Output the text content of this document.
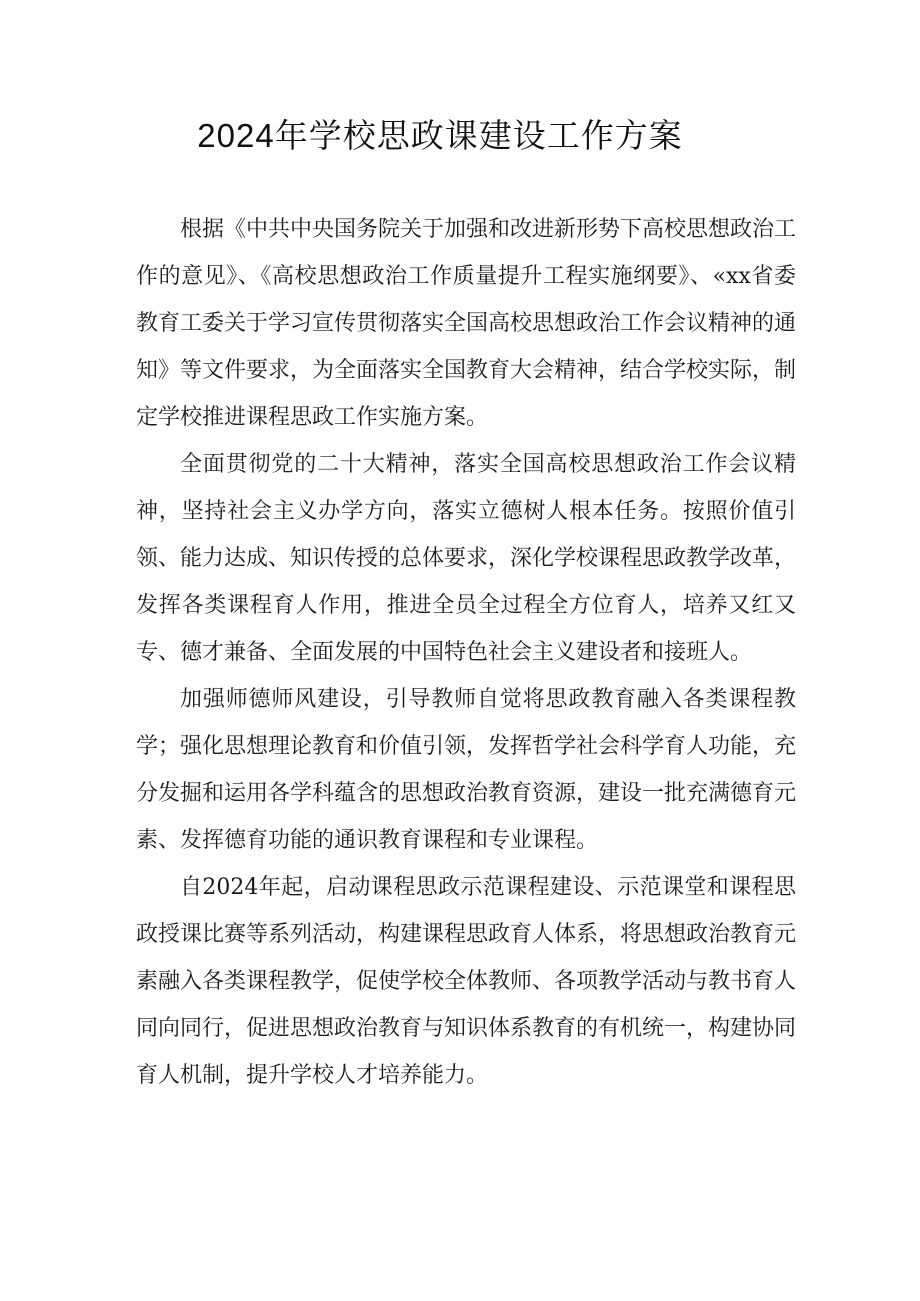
2024年学校思政课建设工作方案

根据《中共中央国务院关于加强和改进新形势下高校思想政治工作的意见》、《高校思想政治工作质量提升工程实施纲要》、«xx省委教育工委关于学习宣传贯彻落实全国高校思想政治工作会议精神的通知》等文件要求，为全面落实全国教育大会精神，结合学校实际，制定学校推进课程思政工作实施方案。

全面贯彻党的二十大精神，落实全国高校思想政治工作会议精神，坚持社会主义办学方向，落实立德树人根本任务。按照价值引领、能力达成、知识传授的总体要求，深化学校课程思政教学改革，发挥各类课程育人作用，推进全员全过程全方位育人，培养又红又专、德才兼备、全面发展的中国特色社会主义建设者和接班人。

加强师德师风建设，引导教师自觉将思政教育融入各类课程教学；强化思想理论教育和价值引领，发挥哲学社会科学育人功能，充分发掘和运用各学科蕴含的思想政治教育资源，建设一批充满德育元素、发挥德育功能的通识教育课程和专业课程。

自2024年起，启动课程思政示范课程建设、示范课堂和课程思政授课比赛等系列活动，构建课程思政育人体系，将思想政治教育元素融入各类课程教学，促使学校全体教师、各项教学活动与教书育人同向同行，促进思想政治教育与知识体系教育的有机统一，构建协同育人机制，提升学校人才培养能力。
